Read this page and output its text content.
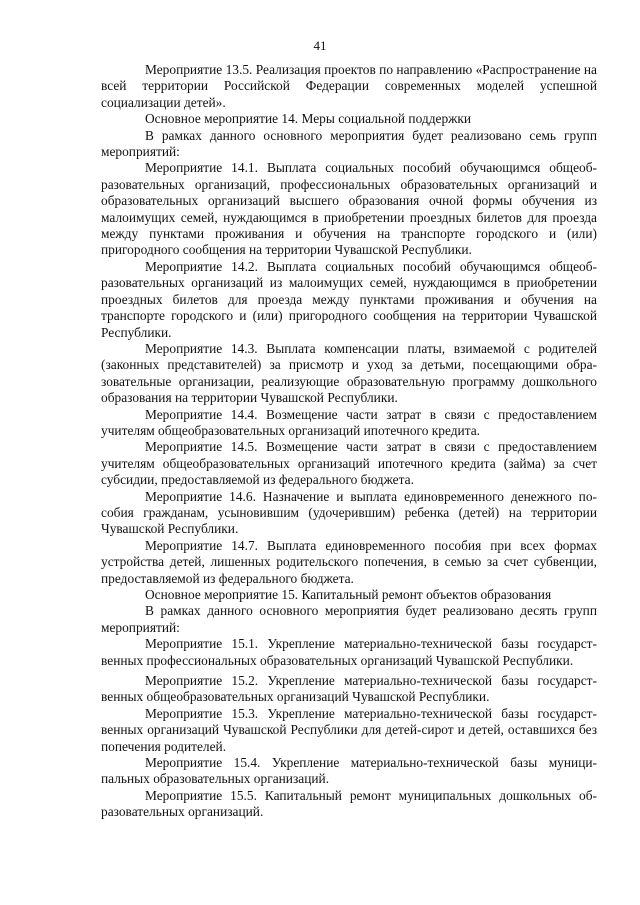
41

Мероприятие 13.5. Реализация проектов по направлению «Распространение на всей территории Российской Федерации современных моделей успешной социализации детей».

Основное мероприятие 14. Меры социальной поддержки

В рамках данного основного мероприятия будет реализовано семь групп мероприятий:

Мероприятие 14.1. Выплата социальных пособий обучающимся общеобразовательных организаций, профессиональных образовательных организаций и образовательных организаций высшего образования очной формы обучения из малоимущих семей, нуждающимся в приобретении проездных билетов для проезда между пунктами проживания и обучения на транспорте городского и (или) пригородного сообщения на территории Чувашской Республики.

Мероприятие 14.2. Выплата социальных пособий обучающимся общеобразовательных организаций из малоимущих семей, нуждающимся в приобретении проездных билетов для проезда между пунктами проживания и обучения на транспорте городского и (или) пригородного сообщения на территории Чувашской Республики.

Мероприятие 14.3. Выплата компенсации платы, взимаемой с родителей (законных представителей) за присмотр и уход за детьми, посещающими образовательные организации, реализующие образовательную программу дошкольного образования на территории Чувашской Республики.

Мероприятие 14.4. Возмещение части затрат в связи с предоставлением учителям общеобразовательных организаций ипотечного кредита.

Мероприятие 14.5. Возмещение части затрат в связи с предоставлением учителям общеобразовательных организаций ипотечного кредита (займа) за счет субсидии, предоставляемой из федерального бюджета.

Мероприятие 14.6. Назначение и выплата единовременного денежного пособия гражданам, усыновившим (удочерившим) ребенка (детей) на территории Чувашской Республики.

Мероприятие 14.7. Выплата единовременного пособия при всех формах устройства детей, лишенных родительского попечения, в семью за счет субвенции, предоставляемой из федерального бюджета.

Основное мероприятие 15. Капитальный ремонт объектов образования

В рамках данного основного мероприятия будет реализовано десять групп мероприятий:

Мероприятие 15.1. Укрепление материально-технической базы государственных профессиональных образовательных организаций Чувашской Республики.

Мероприятие 15.2. Укрепление материально-технической базы государственных общеобразовательных организаций Чувашской Республики.

Мероприятие 15.3. Укрепление материально-технической базы государственных организаций Чувашской Республики для детей-сирот и детей, оставшихся без попечения родителей.

Мероприятие 15.4. Укрепление материально-технической базы муниципальных образовательных организаций.

Мероприятие 15.5. Капитальный ремонт муниципальных дошкольных образовательных организаций.
